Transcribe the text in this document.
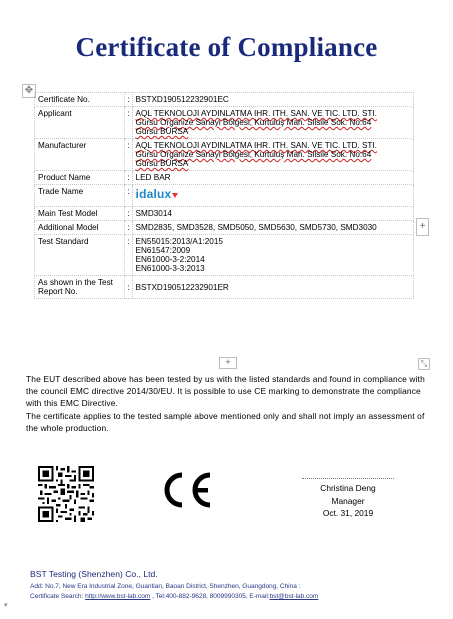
Certificate of Compliance
✥
Certificate No.	:	BSTXD190512232901EC
Applicant	:	AQL TEKNOLOJI AYDINLATMA IHR. ITH. SAN. VE TIC. LTD. STI.
Gürsu Organize Sanayi Bölgesi, Kurtuluş Mah. Silsile Sok. No:64
Gürsu BURSA

Manufacturer	:	AQL TEKNOLOJI AYDINLATMA IHR. ITH. SAN. VE TIC. LTD. STI.
Gürsu Organize Sanayi Bölgesi, Kurtuluş Mah. Silsile Sok. No:64
Gürsu BURSA

Product Name	:	LED BAR
Trade Name	:	idalux
Main Test Model	:	SMD3014
Additional Model	:	SMD2835, SMD3528, SMD5050, SMD5630, SMD5730, SMD3030
Test Standard	:	EN55015:2013/A1:2015
EN61547:2009
EN61000-3-2:2014
EN61000-3-3:2013

As shown in the Test Report No.	:	BSTXD190512232901ER
+
+	⤡

The EUT described above has been tested by us with the listed standards and found in compliance with the council EMC directive 2014/30/EU. It is possible to use CE marking to demonstrate the compliance with this EMC Directive.

The certificate applies to the tested sample above mentioned only and shall not imply an assessment of the whole production.

Christina Deng
Manager
Oct. 31, 2019
BST Testing (Shenzhen) Co., Ltd.
Add: No.7, New Era Industrial Zone, Guantian, Baoan District, Shenzhen, Guangdong, China :
Certificate Search: http://www.bst-lab.com , Tel:400-882-9628, 8009990305, E-mail:bst@bst-lab.com
▾
